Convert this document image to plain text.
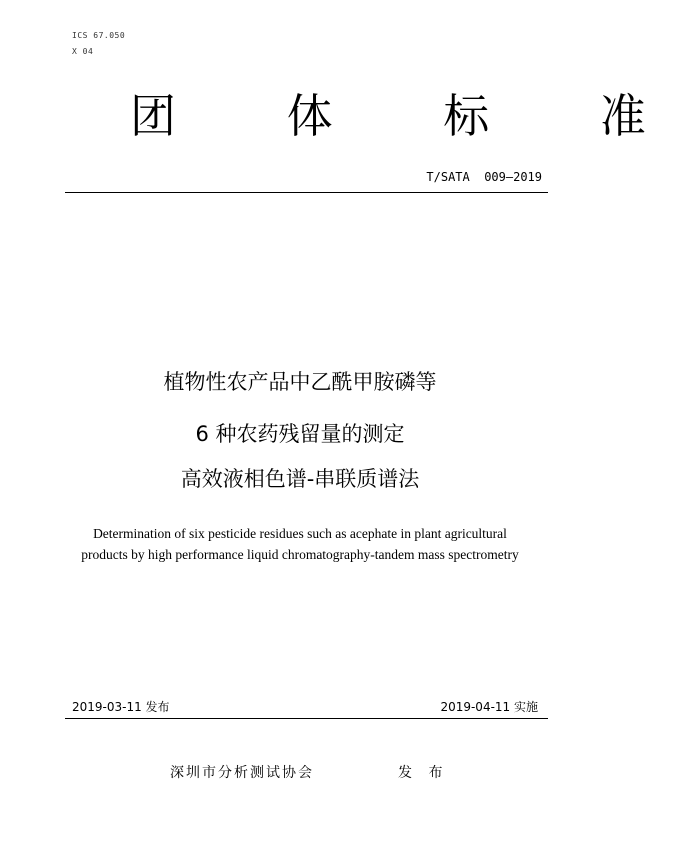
ICS 67.050
X 04
团 体 标 准
T/SATA  009—2019
植物性农产品中乙酰甲胺磷等
6 种农药残留量的测定
高效液相色谱-串联质谱法
Determination of six pesticide residues such as acephate in plant agricultural
products by high performance liquid chromatography-tandem mass spectrometry
2019-03-11 发布	2019-04-11 实施
深圳市分析测试协会	发 布
